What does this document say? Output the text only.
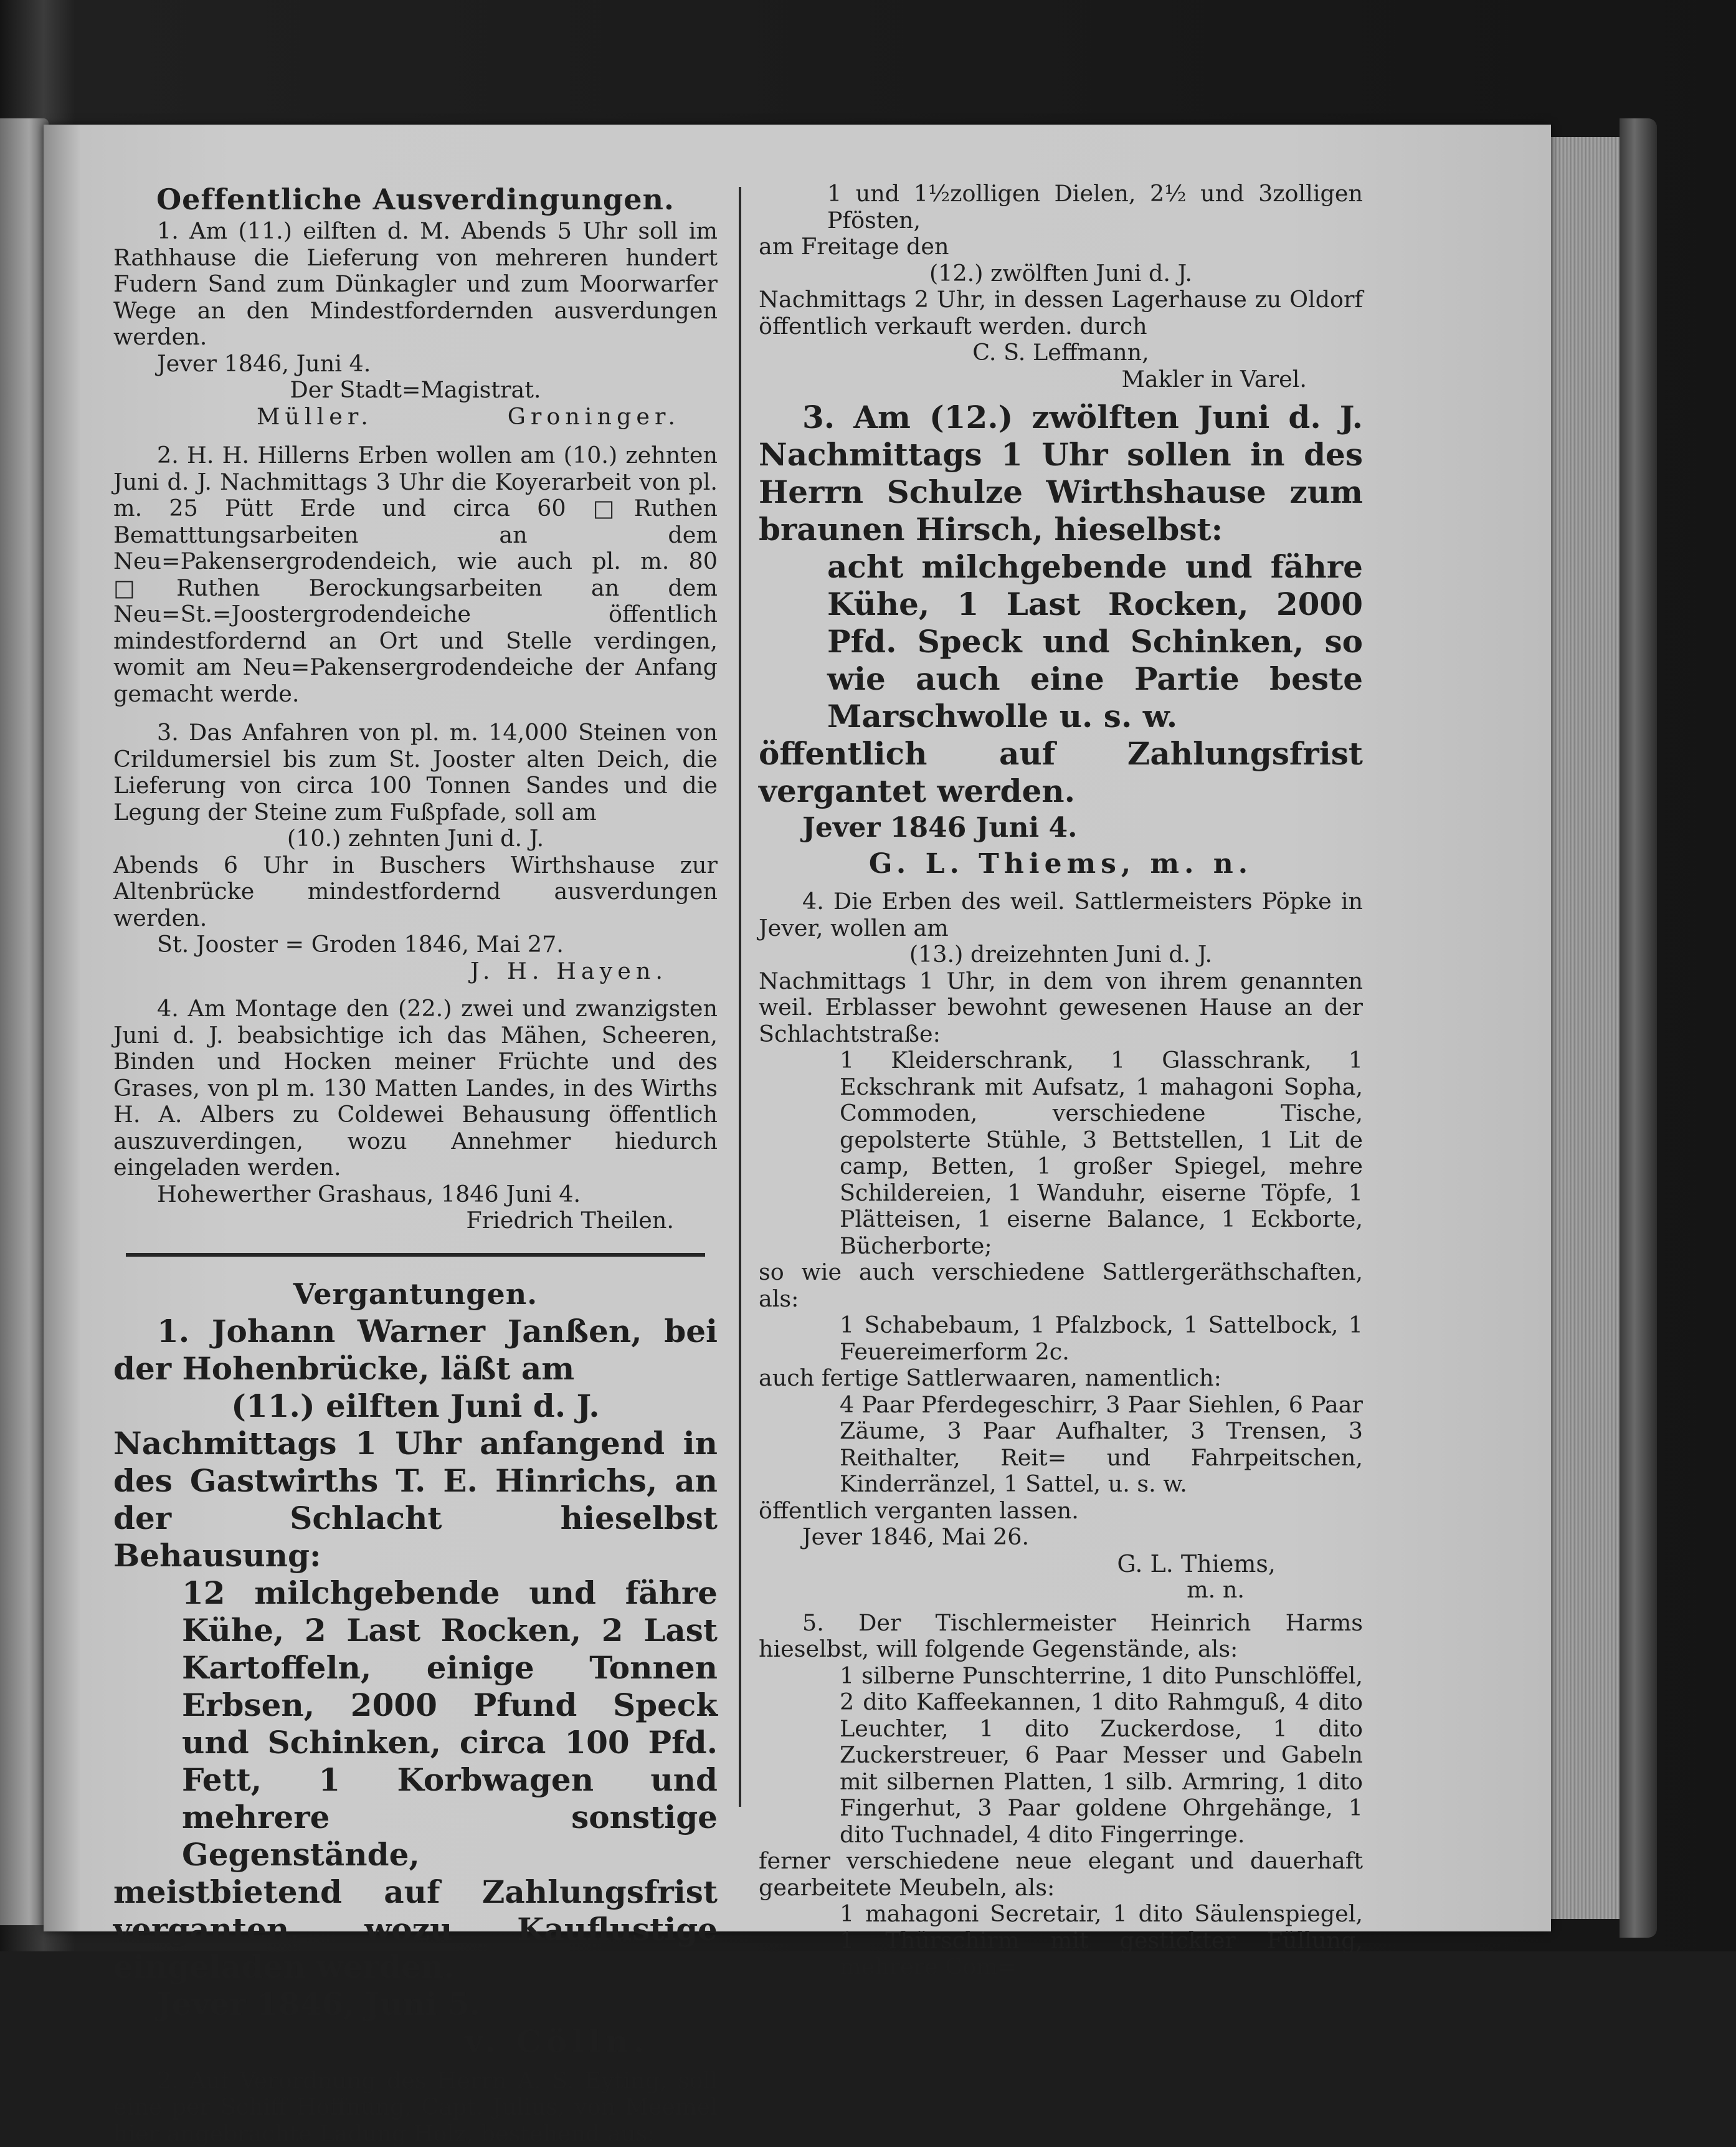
Oeffentliche Ausverdingungen.

1. Am (11.) eilften d. M. Abends 5 Uhr soll im Rathhause die Lieferung von mehreren hundert Fudern Sand zum Dünkagler und zum Moorwarfer Wege an den Mindestfordernden ausverdungen werden.

Jever 1846, Juni 4.

Der Stadt=Magistrat.

Müller.	Groninger.

2. H. H. Hillerns Erben wollen am (10.) zehnten Juni d. J. Nachmittags 3 Uhr die Koyerarbeit von pl. m. 25 Pütt Erde und circa 60 □Ruthen Bematttungsarbeiten an dem Neu=Pakensergrodendeich, wie auch pl. m. 80 □Ruthen Berockungsarbeiten an dem Neu=St.=Joostergrodendeiche öffentlich mindestfordernd an Ort und Stelle verdingen, womit am Neu=Pakensergrodendeiche der Anfang gemacht werde.

3. Das Anfahren von pl. m. 14,000 Steinen von Crildumersiel bis zum St. Jooster alten Deich, die Lieferung von circa 100 Tonnen Sandes und die Legung der Steine zum Fußpfade, soll am

(10.) zehnten Juni d. J.

Abends 6 Uhr in Buschers Wirthshause zur Altenbrücke mindestfordernd ausverdungen werden.

St. Jooster = Groden 1846, Mai 27.

J. H. Hayen.

4. Am Montage den (22.) zwei und zwanzigsten Juni d. J. beabsichtige ich das Mähen, Scheeren, Binden und Hocken meiner Früchte und des Grases, von pl m. 130 Matten Landes, in des Wirths H. A. Albers zu Coldewei Behausung öffentlich auszuverdingen, wozu Annehmer hiedurch eingeladen werden.

Hohewerther Grashaus, 1846 Juni 4.

Friedrich Theilen.

Vergantungen.

1. Johann Warner Janßen, bei der Hohenbrücke, läßt am

(11.) eilften Juni d. J.

Nachmittags 1 Uhr anfangend in des Gastwirths T. E. Hinrichs, an der Schlacht hieselbst Behausung:

12 milchgebende und fähre Kühe, 2 Last Rocken, 2 Last Kartoffeln, einige Tonnen Erbsen, 2000 Pfund Speck und Schinken, circa 100 Pfd. Fett, 1 Korbwagen und mehrere sonstige Gegenstände,

meistbietend auf Zahlungsfrist verganten, wozu Kauflustige eingeladen werden.

Jever 1846, Juni 5.

v. Cölln.

2. Auf Verordnung des Herrn A. S. Eyting, soll eine per Schiff Hoffnung, Capt. Julius, von Meemel hier angebrachte Ladung Holz, bestehend aus:

1 und 1½zolligen Dielen, 2½ und 3zolligen Pfösten,

am Freitage den

(12.) zwölften Juni d. J.

Nachmittags 2 Uhr, in dessen Lagerhause zu Oldorf öffentlich verkauft werden. durch

C. S. Leffmann,

Makler in Varel.

3. Am (12.) zwölften Juni d. J. Nachmittags 1 Uhr sollen in des Herrn Schulze Wirthshause zum braunen Hirsch, hieselbst:

acht milchgebende und fähre Kühe, 1 Last Rocken, 2000 Pfd. Speck und Schinken, so wie auch eine Partie beste Marschwolle u. s. w.

öffentlich auf Zahlungsfrist vergantet werden.

Jever 1846 Juni 4.

G. L. Thiems, m. n.

4. Die Erben des weil. Sattlermeisters Pöpke in Jever, wollen am

(13.) dreizehnten Juni d. J.

Nachmittags 1 Uhr, in dem von ihrem genannten weil. Erblasser bewohnt gewesenen Hause an der Schlachtstraße:

1 Kleiderschrank, 1 Glasschrank, 1 Eckschrank mit Aufsatz, 1 mahagoni Sopha, Commoden, verschiedene Tische, gepolsterte Stühle, 3 Bettstellen, 1 Lit de camp, Betten, 1 großer Spiegel, mehre Schildereien, 1 Wanduhr, eiserne Töpfe, 1 Plätteisen, 1 eiserne Balance, 1 Eckborte, Bücherborte;

so wie auch verschiedene Sattlergeräthschaften, als:

1 Schabebaum, 1 Pfalzbock, 1 Sattelbock, 1 Feuereimerform 2c.

auch fertige Sattlerwaaren, namentlich:

4 Paar Pferdegeschirr, 3 Paar Siehlen, 6 Paar Zäume, 3 Paar Aufhalter, 3 Trensen, 3 Reithalter, Reit= und Fahrpeitschen, Kinderränzel, 1 Sattel, u. s. w.

öffentlich verganten lassen.

Jever 1846, Mai 26.

G. L. Thiems,

m. n.

5. Der Tischlermeister Heinrich Harms hieselbst, will folgende Gegenstände, als:

1 silberne Punschterrine, 1 dito Punschlöffel, 2 dito Kaffeekannen, 1 dito Rahmguß, 4 dito Leuchter, 1 dito Zuckerdose, 1 dito Zuckerstreuer, 6 Paar Messer und Gabeln mit silbernen Platten, 1 silb. Armring, 1 dito Fingerhut, 3 Paar goldene Ohrgehänge, 1 dito Tuchnadel, 4 dito Fingerringe.

ferner verschiedene neue elegant und dauerhaft gearbeitete Meubeln, als:

1 mahagoni Secretair, 1 dito Säulenspiegel, 1 Thürschirm mit gestickter Füllung, mehrere Com=
